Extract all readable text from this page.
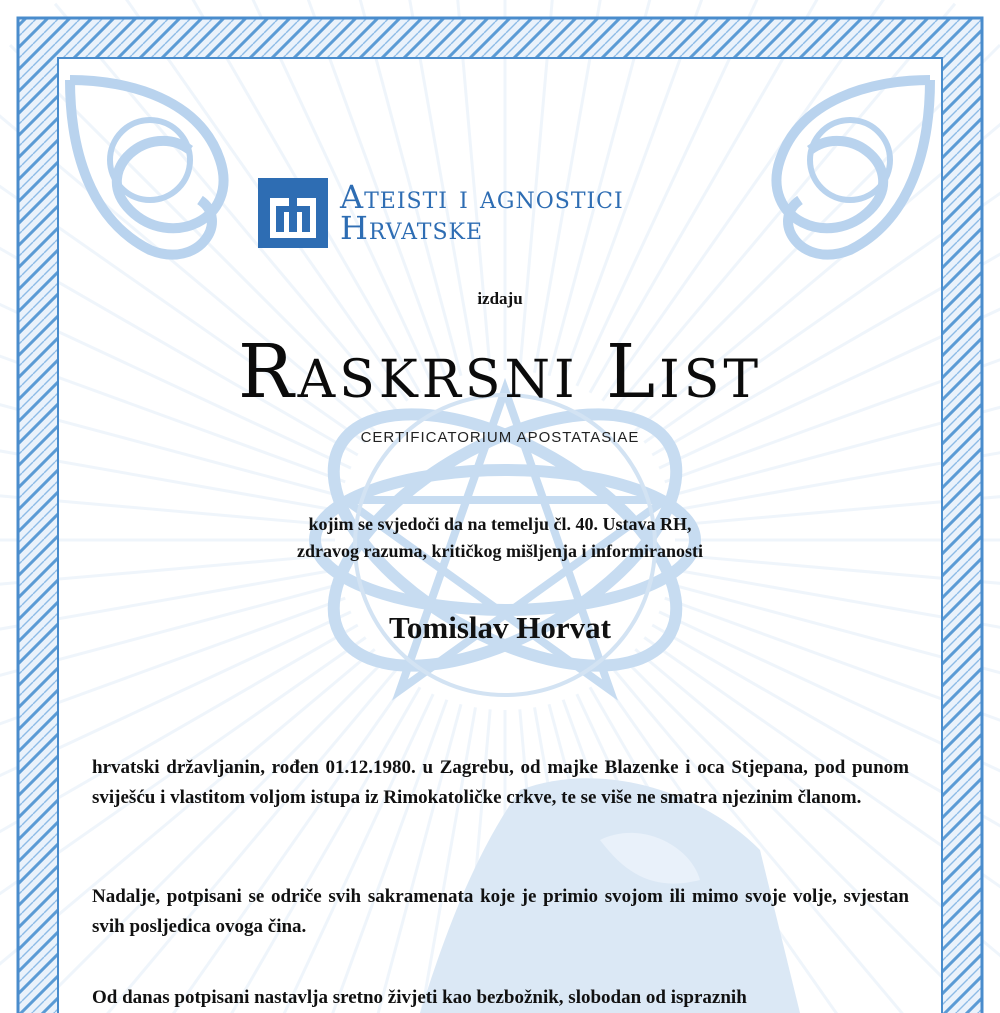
Ateisti i agnostici
Hrvatske
izdaju
Raskrsni List
CERTIFICATORIUM APOSTATASIAE
kojim se svjedoči da na temelju čl. 40. Ustava RH,
zdravog razuma, kritičkog mišljenja i informiranosti
Tomislav Horvat
hrvatski državljanin, rođen 01.12.1980. u Zagrebu, od majke Blazenke i oca Stjepana, pod punom sviješću i vlastitom voljom istupa iz Rimokatoličke crkve, te se više ne smatra njezinim članom.
Nadalje, potpisani se odriče svih sakramenata koje je primio svojom ili mimo svoje volje, svjestan svih posljedica ovoga čina.
Od danas potpisani nastavlja sretno živjeti kao bezbožnik, slobodan od ispraznih
